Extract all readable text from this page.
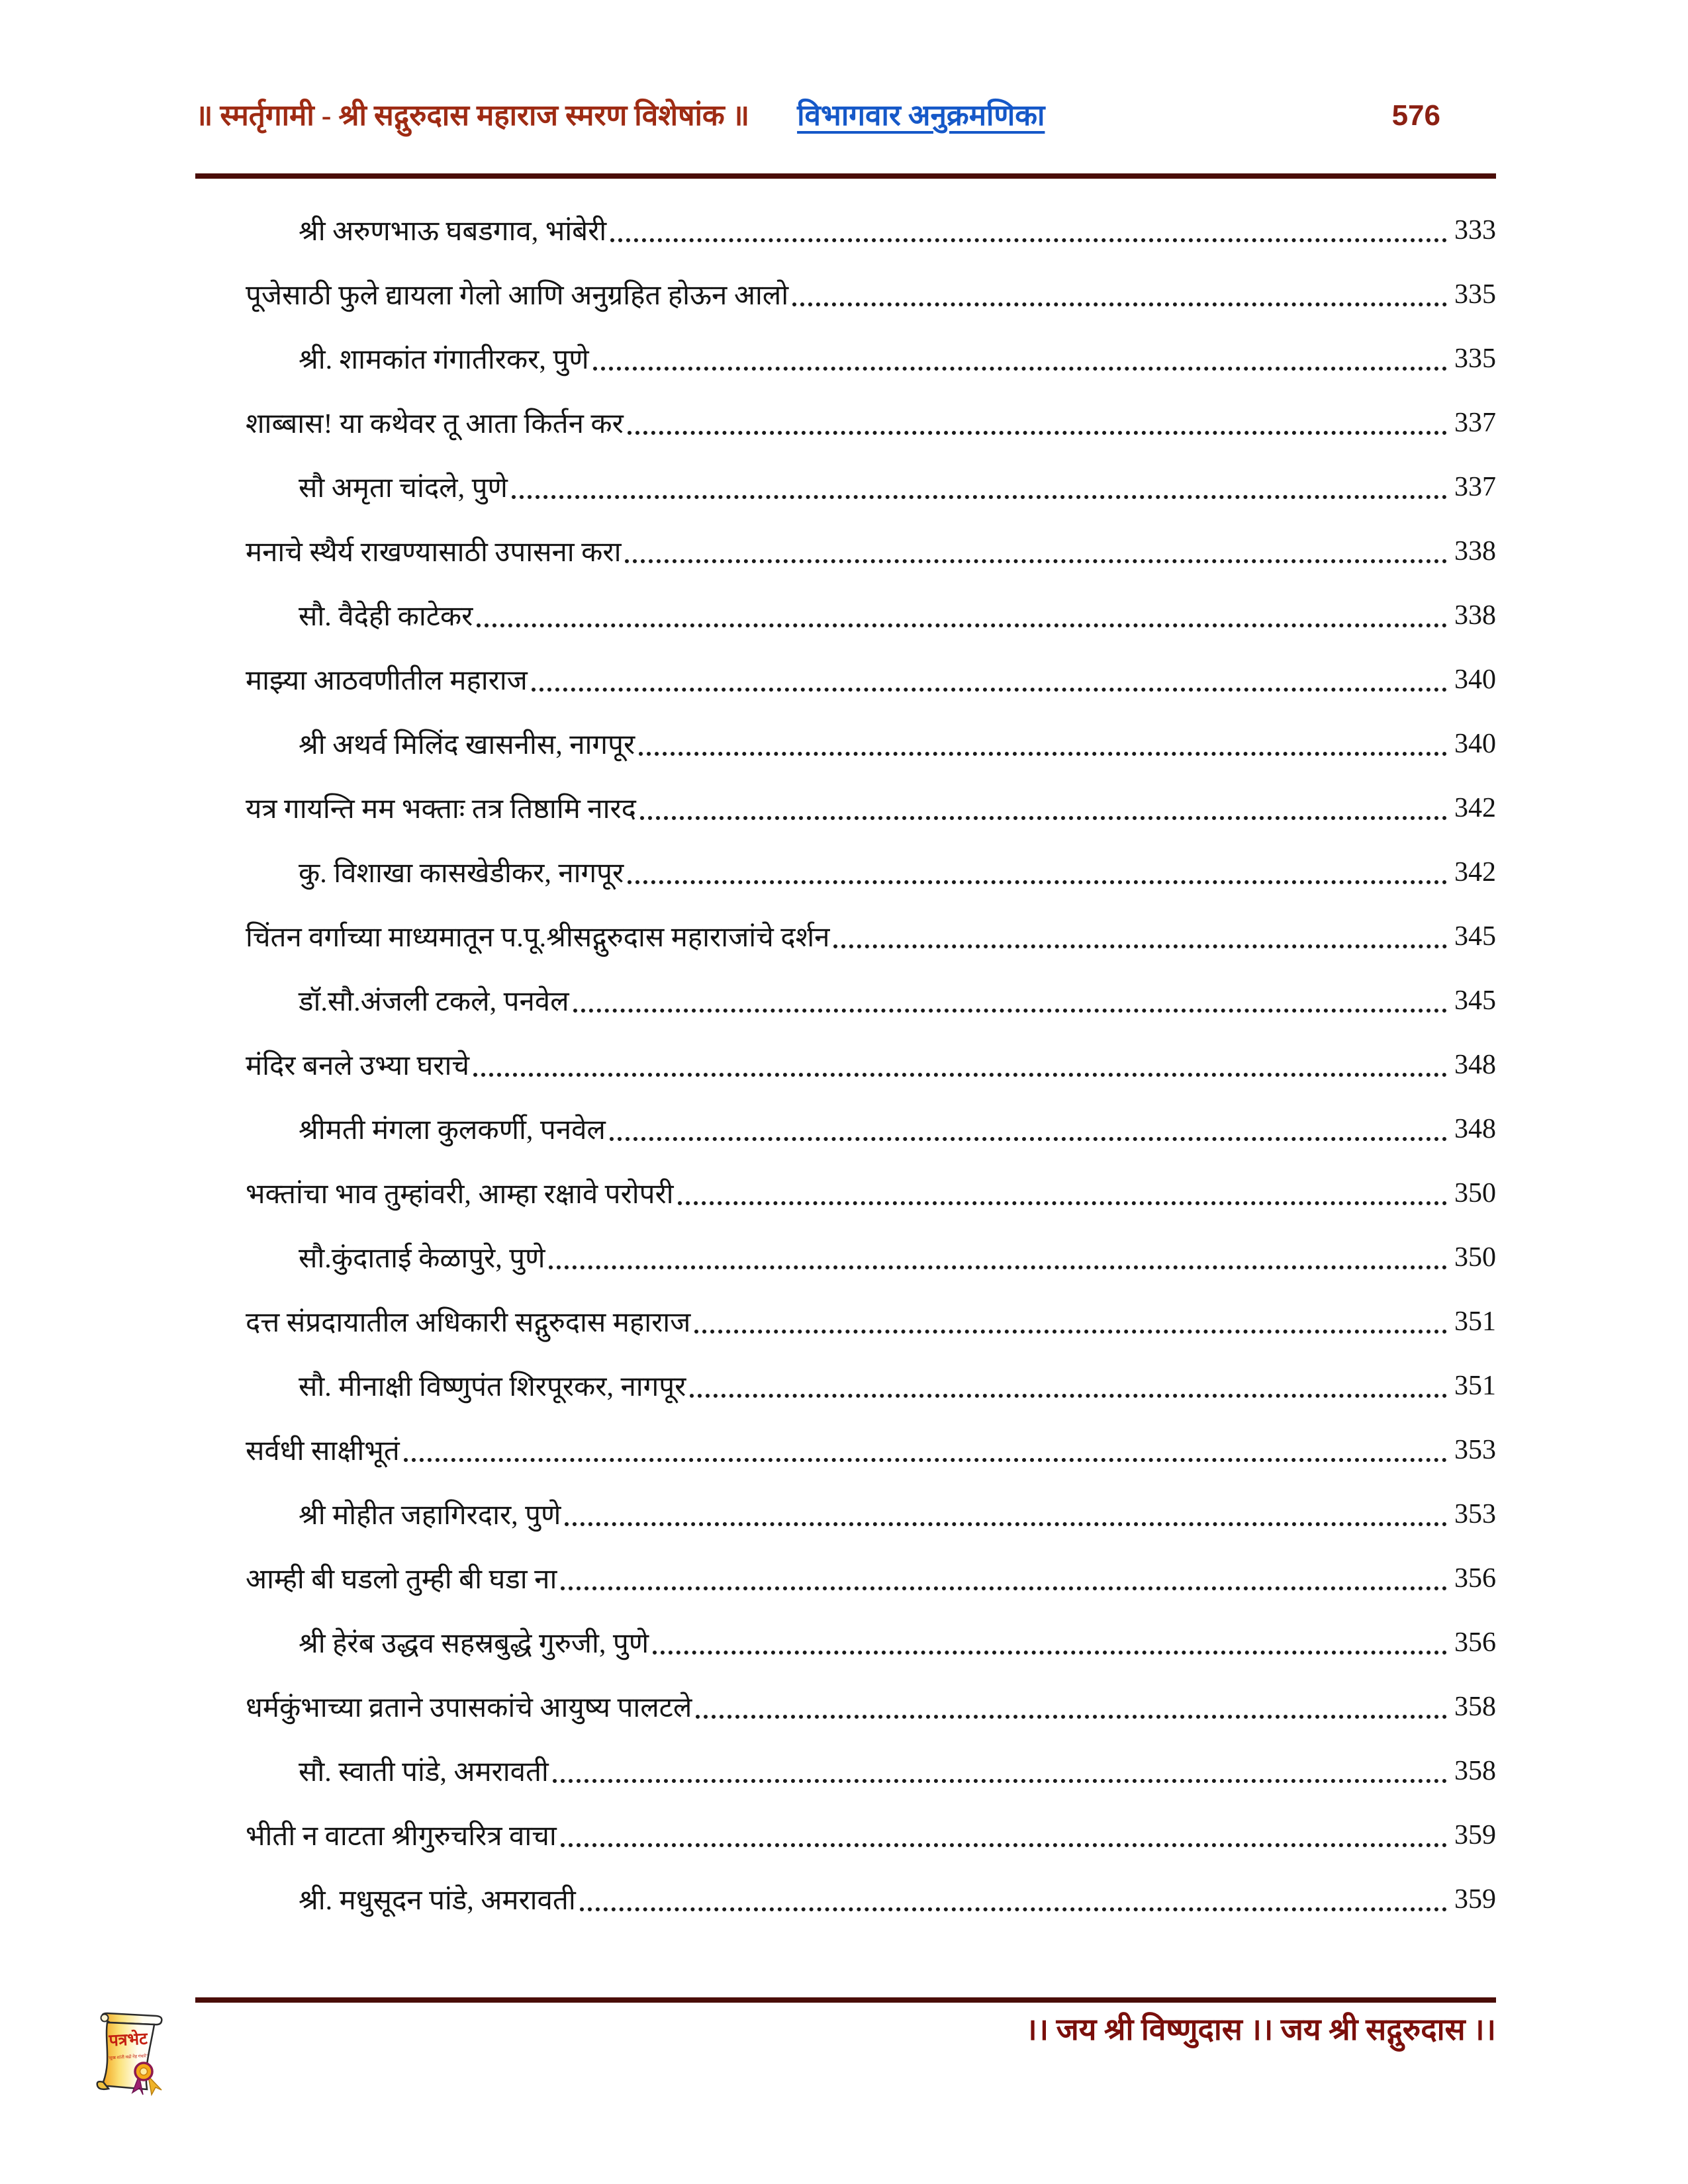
॥ स्मर्तृगामी - श्री सद्गुरुदास महाराज स्मरण विशेषांक ॥ विभागवार अनुक्रमणिका	576
श्री अरुणभाऊ घबडगाव, भांबेरी	333
पूजेसाठी फुले द्यायला गेलो आणि अनुग्रहित होऊन आलो	335
श्री. शामकांत गंगातीरकर, पुणे	335
शाब्बास! या कथेवर तू आता किर्तन कर	337
सौ अमृता चांदले, पुणे	337
मनाचे स्थैर्य राखण्यासाठी उपासना करा	338
सौ. वैदेही काटेकर	338
माझ्या आठवणीतील महाराज	340
श्री अथर्व मिलिंद खासनीस, नागपूर	340
यत्र गायन्ति मम भक्ताः तत्र तिष्ठामि नारद	342
कु. विशाखा कासखेडीकर, नागपूर	342
चिंतन वर्गाच्या माध्यमातून प.पू.श्रीसद्गुरुदास महाराजांचे दर्शन	345
डॉ.सौ.अंजली टकले, पनवेल	345
मंदिर बनले उभ्या घराचे	348
श्रीमती मंगला कुलकर्णी, पनवेल	348
भक्तांचा भाव तुम्हांवरी, आम्हा रक्षावे परोपरी	350
सौ.कुंदाताई केळापुरे, पुणे	350
दत्त संप्रदायातील अधिकारी सद्गुरुदास महाराज	351
सौ. मीनाक्षी विष्णुपंत शिरपूरकर, नागपूर	351
सर्वधी साक्षीभूतं	353
श्री मोहीत जहागिरदार, पुणे	353
आम्ही बी घडलो तुम्ही बी घडा ना	356
श्री हेरंब उद्धव सहस्रबुद्धे गुरुजी, पुणे	356
धर्मकुंभाच्या व्रताने उपासकांचे आयुष्य पालटले	358
सौ. स्वाती पांडे, अमरावती	358
भीती न वाटता श्रीगुरुचरित्र वाचा	359
श्री. मधुसूदन पांडे, अमरावती	359
।। जय श्री विष्णुदास ।। जय श्री सद्गुरुदास ।।
पत्रभेट
"सुख शांती वढो नेह गंधारे"
